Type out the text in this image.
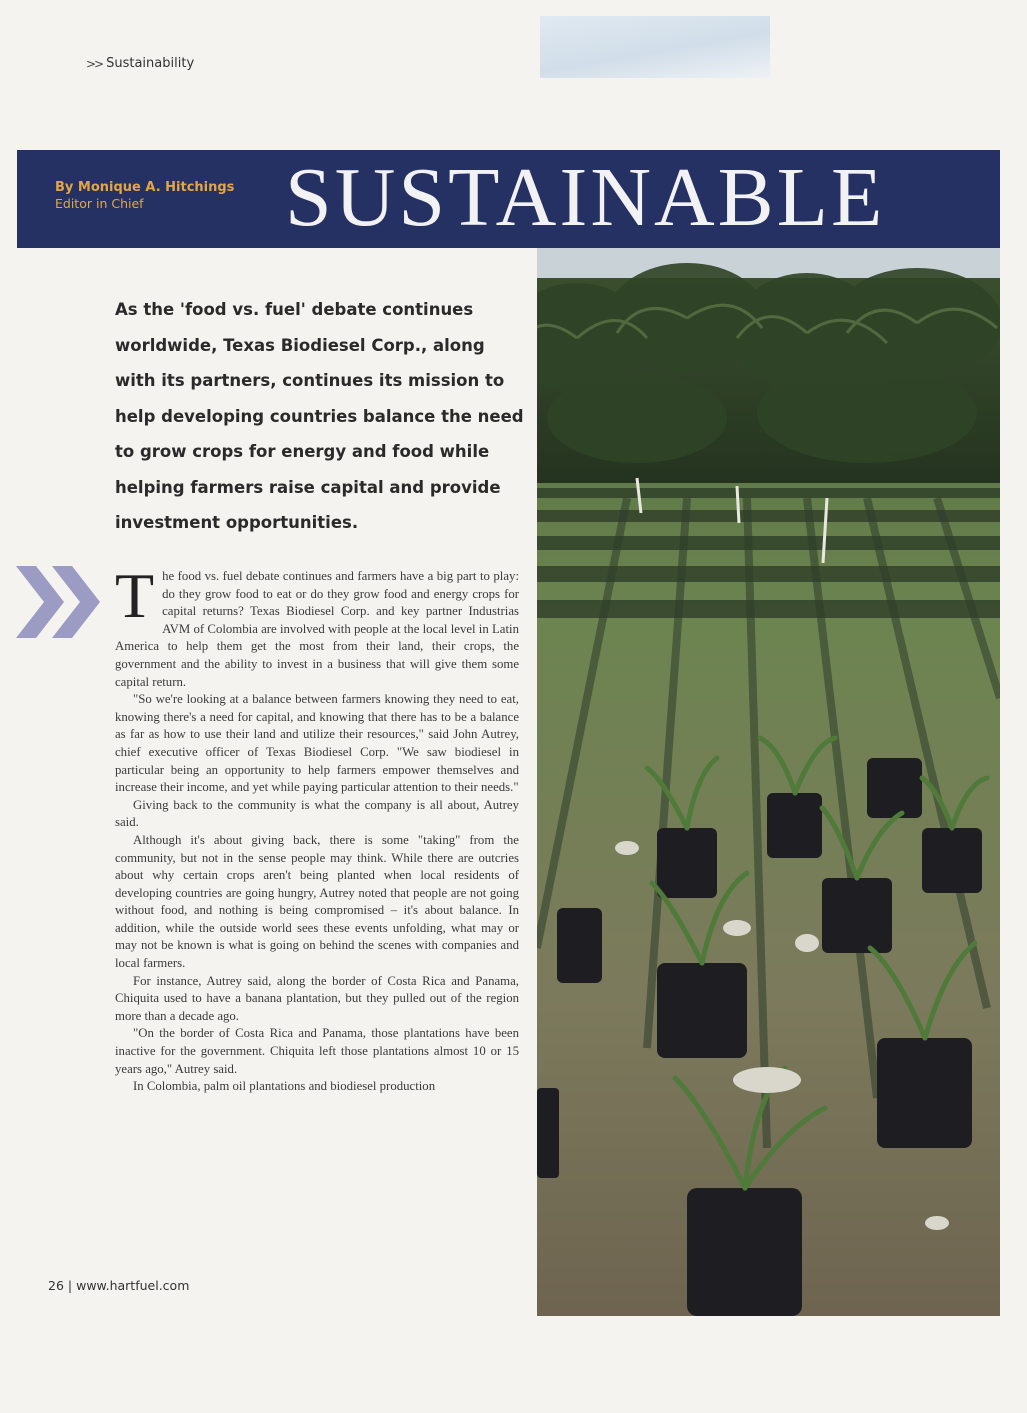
>> Sustainability
By Monique A. Hitchings
Editor in Chief	SUSTAINABLE
As the 'food vs. fuel' debate continues worldwide, Texas Biodiesel Corp., along with its partners, continues its mission to help developing countries balance the need to grow crops for energy and food while helping farmers raise capital and provide investment opportunities.

The food vs. fuel debate continues and farmers have a big part to play: do they grow food to eat or do they grow food and energy crops for capital returns? Texas Biodiesel Corp. and key partner Industrias AVM of Colombia are involved with people at the local level in Latin America to help them get the most from their land, their crops, the government and the ability to invest in a business that will give them some capital return.

"So we're looking at a balance between farmers knowing they need to eat, knowing there's a need for capital, and knowing that there has to be a balance as far as how to use their land and utilize their resources," said John Autrey, chief executive officer of Texas Biodiesel Corp. "We saw biodiesel in particular being an opportunity to help farmers empower themselves and increase their income, and yet while paying particular attention to their needs."

Giving back to the community is what the company is all about, Autrey said.

Although it's about giving back, there is some "taking" from the community, but not in the sense people may think. While there are outcries about why certain crops aren't being planted when local residents of developing countries are going hungry, Autrey noted that people are not going without food, and nothing is being compromised – it's about balance. In addition, while the outside world sees these events unfolding, what may or may not be known is what is going on behind the scenes with companies and local farmers.

For instance, Autrey said, along the border of Costa Rica and Panama, Chiquita used to have a banana plantation, but they pulled out of the region more than a decade ago.

"On the border of Costa Rica and Panama, those plantations have been inactive for the government. Chiquita left those plantations almost 10 or 15 years ago," Autrey said.

In Colombia, palm oil plantations and biodiesel production

26 | www.hartfuel.com
